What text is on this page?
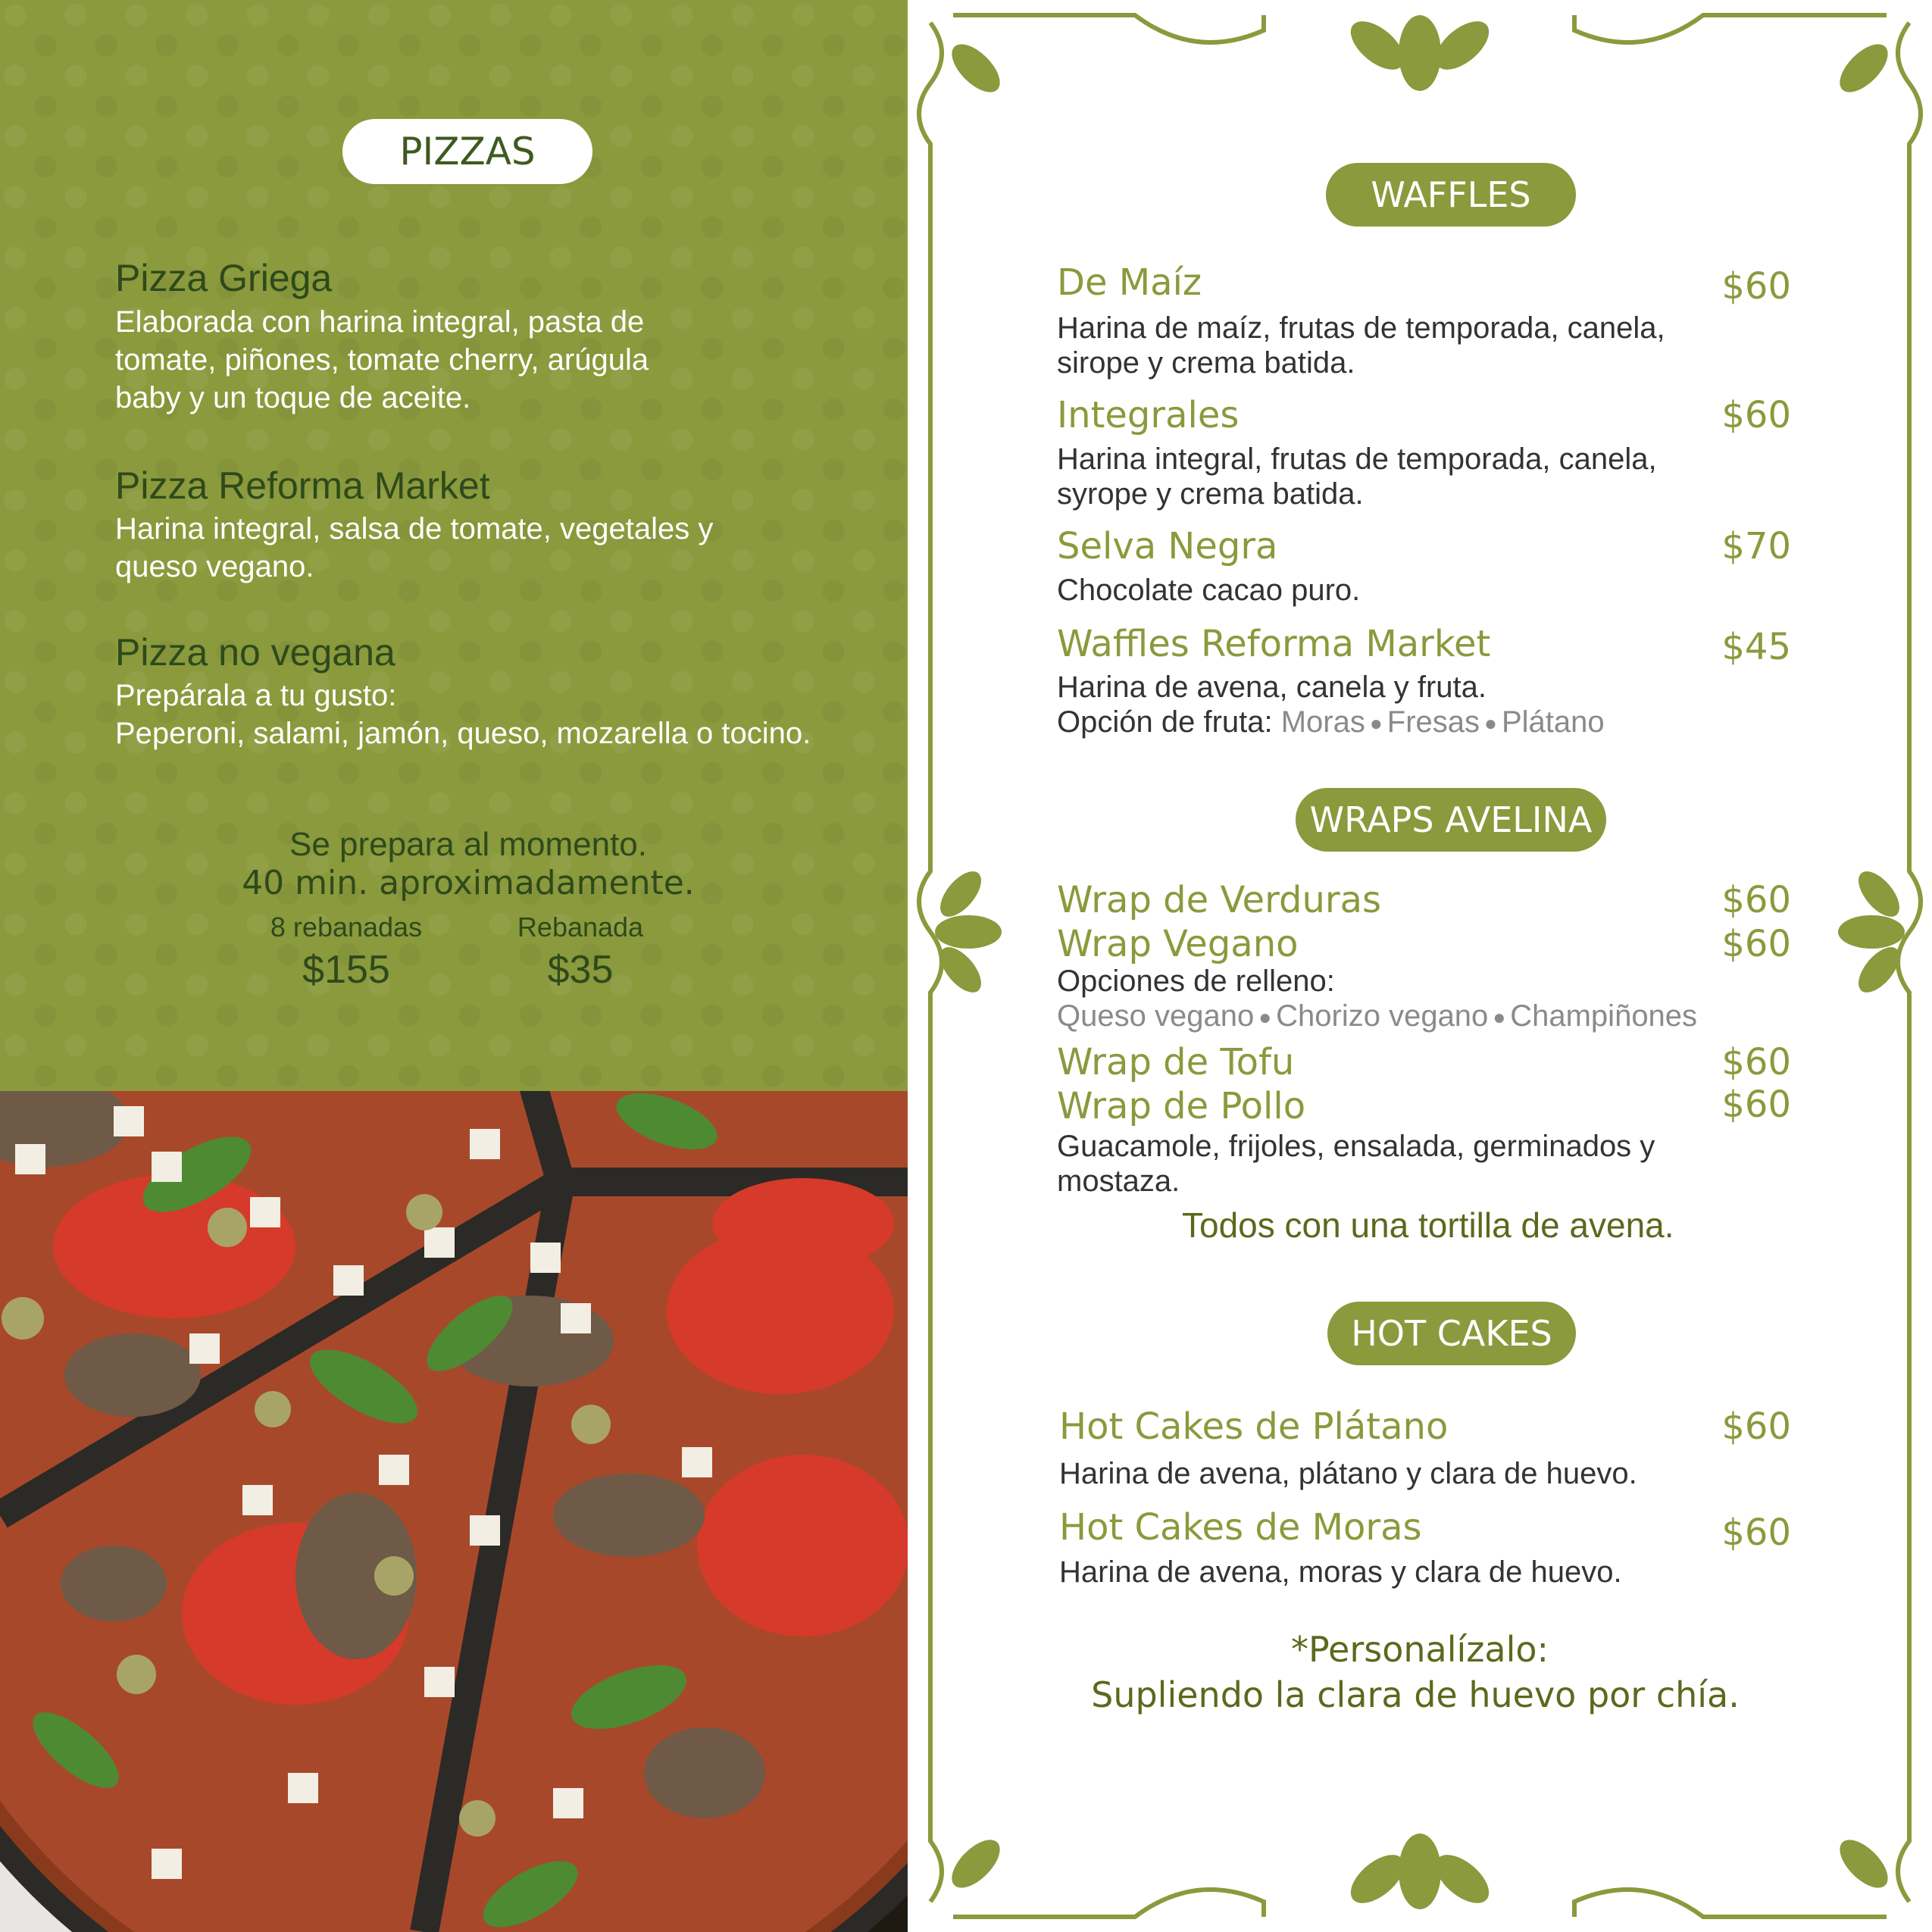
PIZZAS
Pizza Griega
Elaborada con harina integral, pasta de
tomate, piñones, tomate cherry, arúgula
baby y un toque de aceite.
Pizza Reforma Market
Harina integral, salsa de tomate, vegetales y
queso vegano.
Pizza no vegana
Prepárala a tu gusto:
Peperoni, salami, jamón, queso, mozarella o tocino.
Se prepara al momento.
40 min. aproximadamente.
8 rebanadas
$155
Rebanada
$35
WAFFLES
De Maíz	$60
Harina de maíz, frutas de temporada, canela,
sirope y crema batida.
Integrales	$60
Harina integral, frutas de temporada, canela,
syrope y crema batida.
Selva Negra	$70
Chocolate cacao puro.
Waffles Reforma Market	$45
Harina de avena, canela y fruta.
Opción de fruta: Moras ● Fresas ● Plátano
WRAPS AVELINA
Wrap de Verduras	$60
Wrap Vegano	$60
Opciones de relleno:
Queso vegano ● Chorizo vegano ● Champiñones
Wrap de Tofu	$60
Wrap de Pollo	$60
Guacamole, frijoles, ensalada, germinados y
mostaza.
Todos con una tortilla de avena.
HOT CAKES
Hot Cakes de Plátano	$60
Harina de avena, plátano y clara de huevo.
Hot Cakes de Moras	$60
Harina de avena, moras y clara de huevo.
*Personalízalo:
Supliendo la clara de huevo por chía.
